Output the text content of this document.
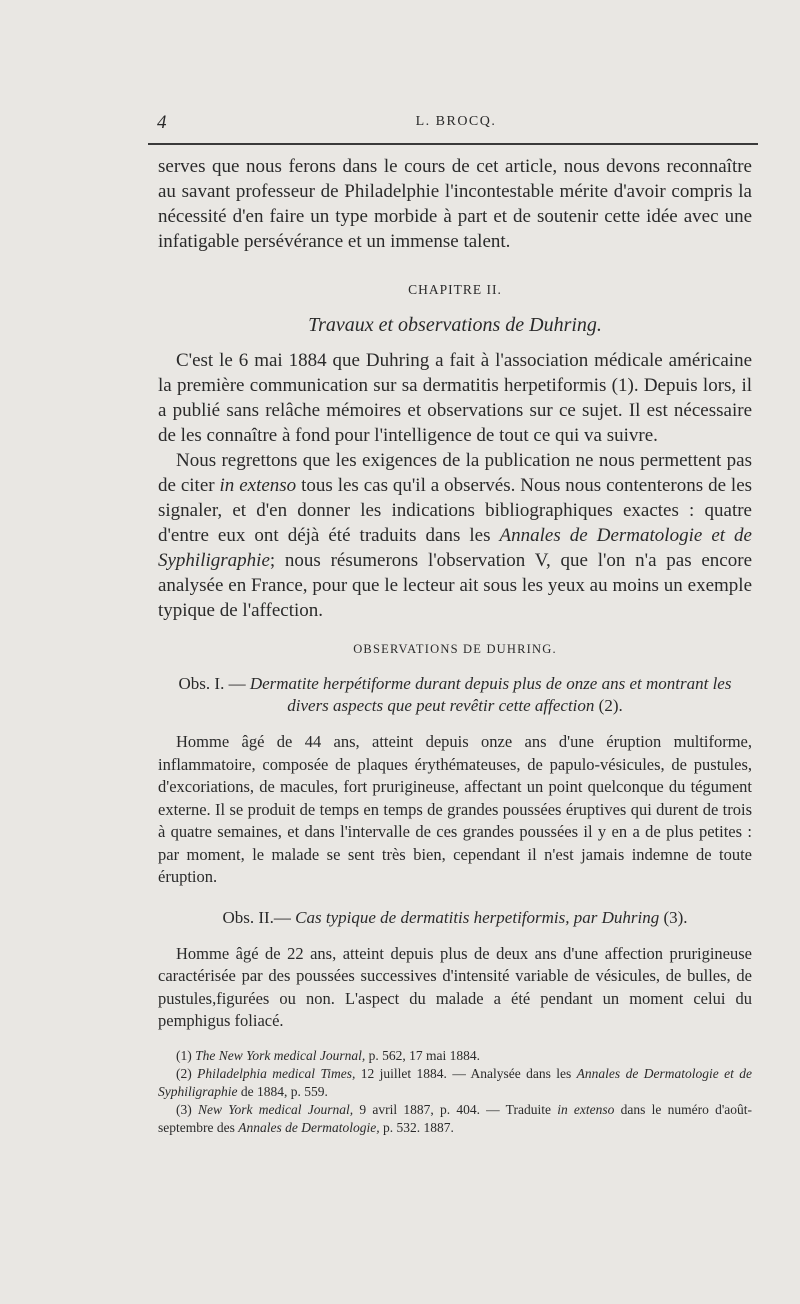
4	L. BROCQ.

serves que nous ferons dans le cours de cet article, nous devons reconnaître au savant professeur de Philadelphie l'incontestable mérite d'avoir compris la nécessité d'en faire un type morbide à part et de soutenir cette idée avec une infatigable persévérance et un immense talent.

CHAPITRE II.
Travaux et observations de Duhring.

C'est le 6 mai 1884 que Duhring a fait à l'association médicale américaine la première communication sur sa dermatitis herpetiformis (1). Depuis lors, il a publié sans relâche mémoires et observations sur ce sujet. Il est nécessaire de les connaître à fond pour l'intelligence de tout ce qui va suivre.

Nous regrettons que les exigences de la publication ne nous permettent pas de citer in extenso tous les cas qu'il a observés. Nous nous contenterons de les signaler, et d'en donner les indications bibliographiques exactes : quatre d'entre eux ont déjà été traduits dans les Annales de Dermatologie et de Syphiligraphie; nous résumerons l'observation V, que l'on n'a pas encore analysée en France, pour que le lecteur ait sous les yeux au moins un exemple typique de l'affection.

OBSERVATIONS DE DUHRING.
Obs. I. — Dermatite herpétiforme durant depuis plus de onze ans et montrant les divers aspects que peut revêtir cette affection (2).

Homme âgé de 44 ans, atteint depuis onze ans d'une éruption multiforme, inflammatoire, composée de plaques érythémateuses, de papulo-vésicules, de pustules, d'excoriations, de macules, fort prurigineuse, affectant un point quelconque du tégument externe. Il se produit de temps en temps de grandes poussées éruptives qui durent de trois à quatre semaines, et dans l'intervalle de ces grandes poussées il y en a de plus petites : par moment, le malade se sent très bien, cependant il n'est jamais indemne de toute éruption.

Obs. II.— Cas typique de dermatitis herpetiformis, par Duhring (3).

Homme âgé de 22 ans, atteint depuis plus de deux ans d'une affection prurigineuse caractérisée par des poussées successives d'intensité variable de vésicules, de bulles, de pustules,figurées ou non. L'aspect du malade a été pendant un moment celui du pemphigus foliacé.

(1) The New York medical Journal, p. 562, 17 mai 1884.

(2) Philadelphia medical Times, 12 juillet 1884. — Analysée dans les Annales de Dermatologie et de Syphiligraphie de 1884, p. 559.

(3) New York medical Journal, 9 avril 1887, p. 404. — Traduite in extenso dans le numéro d'août-septembre des Annales de Dermatologie, p. 532. 1887.
